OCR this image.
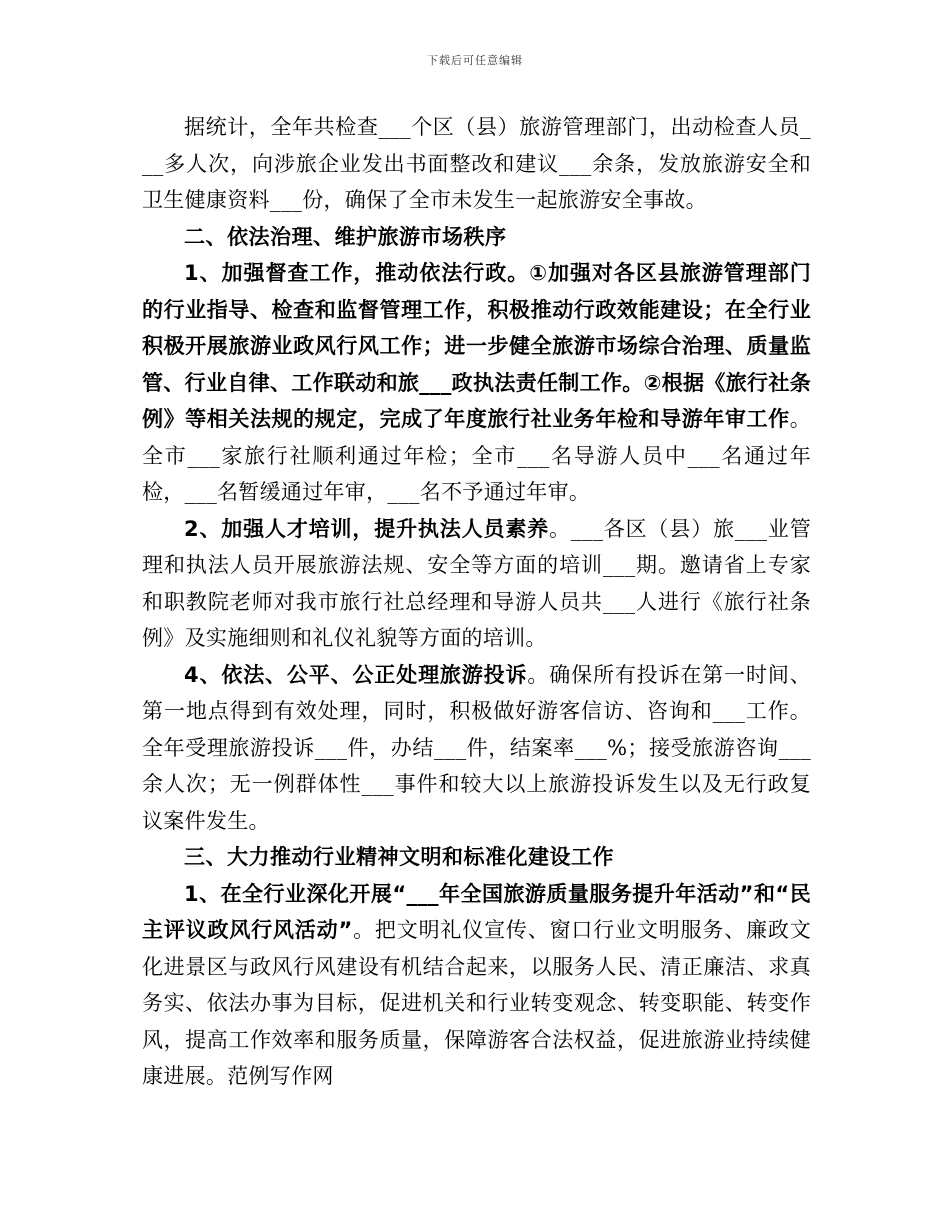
下载后可任意编辑

据统计，全年共检查___个区（县）旅游管理部门，出动检查人员___多人次，向涉旅企业发出书面整改和建议___余条，发放旅游安全和卫生健康资料___份，确保了全市未发生一起旅游安全事故。

二、依法治理、维护旅游市场秩序

1、加强督查工作，推动依法行政。①加强对各区县旅游管理部门的行业指导、检查和监督管理工作，积极推动行政效能建设；在全行业积极开展旅游业政风行风工作；进一步健全旅游市场综合治理、质量监管、行业自律、工作联动和旅___政执法责任制工作。②根据《旅行社条例》等相关法规的规定，完成了年度旅行社业务年检和导游年审工作。全市___家旅行社顺利通过年检；全市___名导游人员中___名通过年检，___名暂缓通过年审，___名不予通过年审。

2、加强人才培训，提升执法人员素养。___各区（县）旅___业管理和执法人员开展旅游法规、安全等方面的培训___期。邀请省上专家和职教院老师对我市旅行社总经理和导游人员共___人进行《旅行社条例》及实施细则和礼仪礼貌等方面的培训。

4、依法、公平、公正处理旅游投诉。确保所有投诉在第一时间、第一地点得到有效处理，同时，积极做好游客信访、咨询和___工作。全年受理旅游投诉___件，办结___件，结案率___%；接受旅游咨询___余人次；无一例群体性___事件和较大以上旅游投诉发生以及无行政复议案件发生。

三、大力推动行业精神文明和标准化建设工作

1、在全行业深化开展“___年全国旅游质量服务提升年活动”和“民主评议政风行风活动”。把文明礼仪宣传、窗口行业文明服务、廉政文化进景区与政风行风建设有机结合起来，以服务人民、清正廉洁、求真务实、依法办事为目标，促进机关和行业转变观念、转变职能、转变作风，提高工作效率和服务质量，保障游客合法权益，促进旅游业持续健康进展。范例写作网
